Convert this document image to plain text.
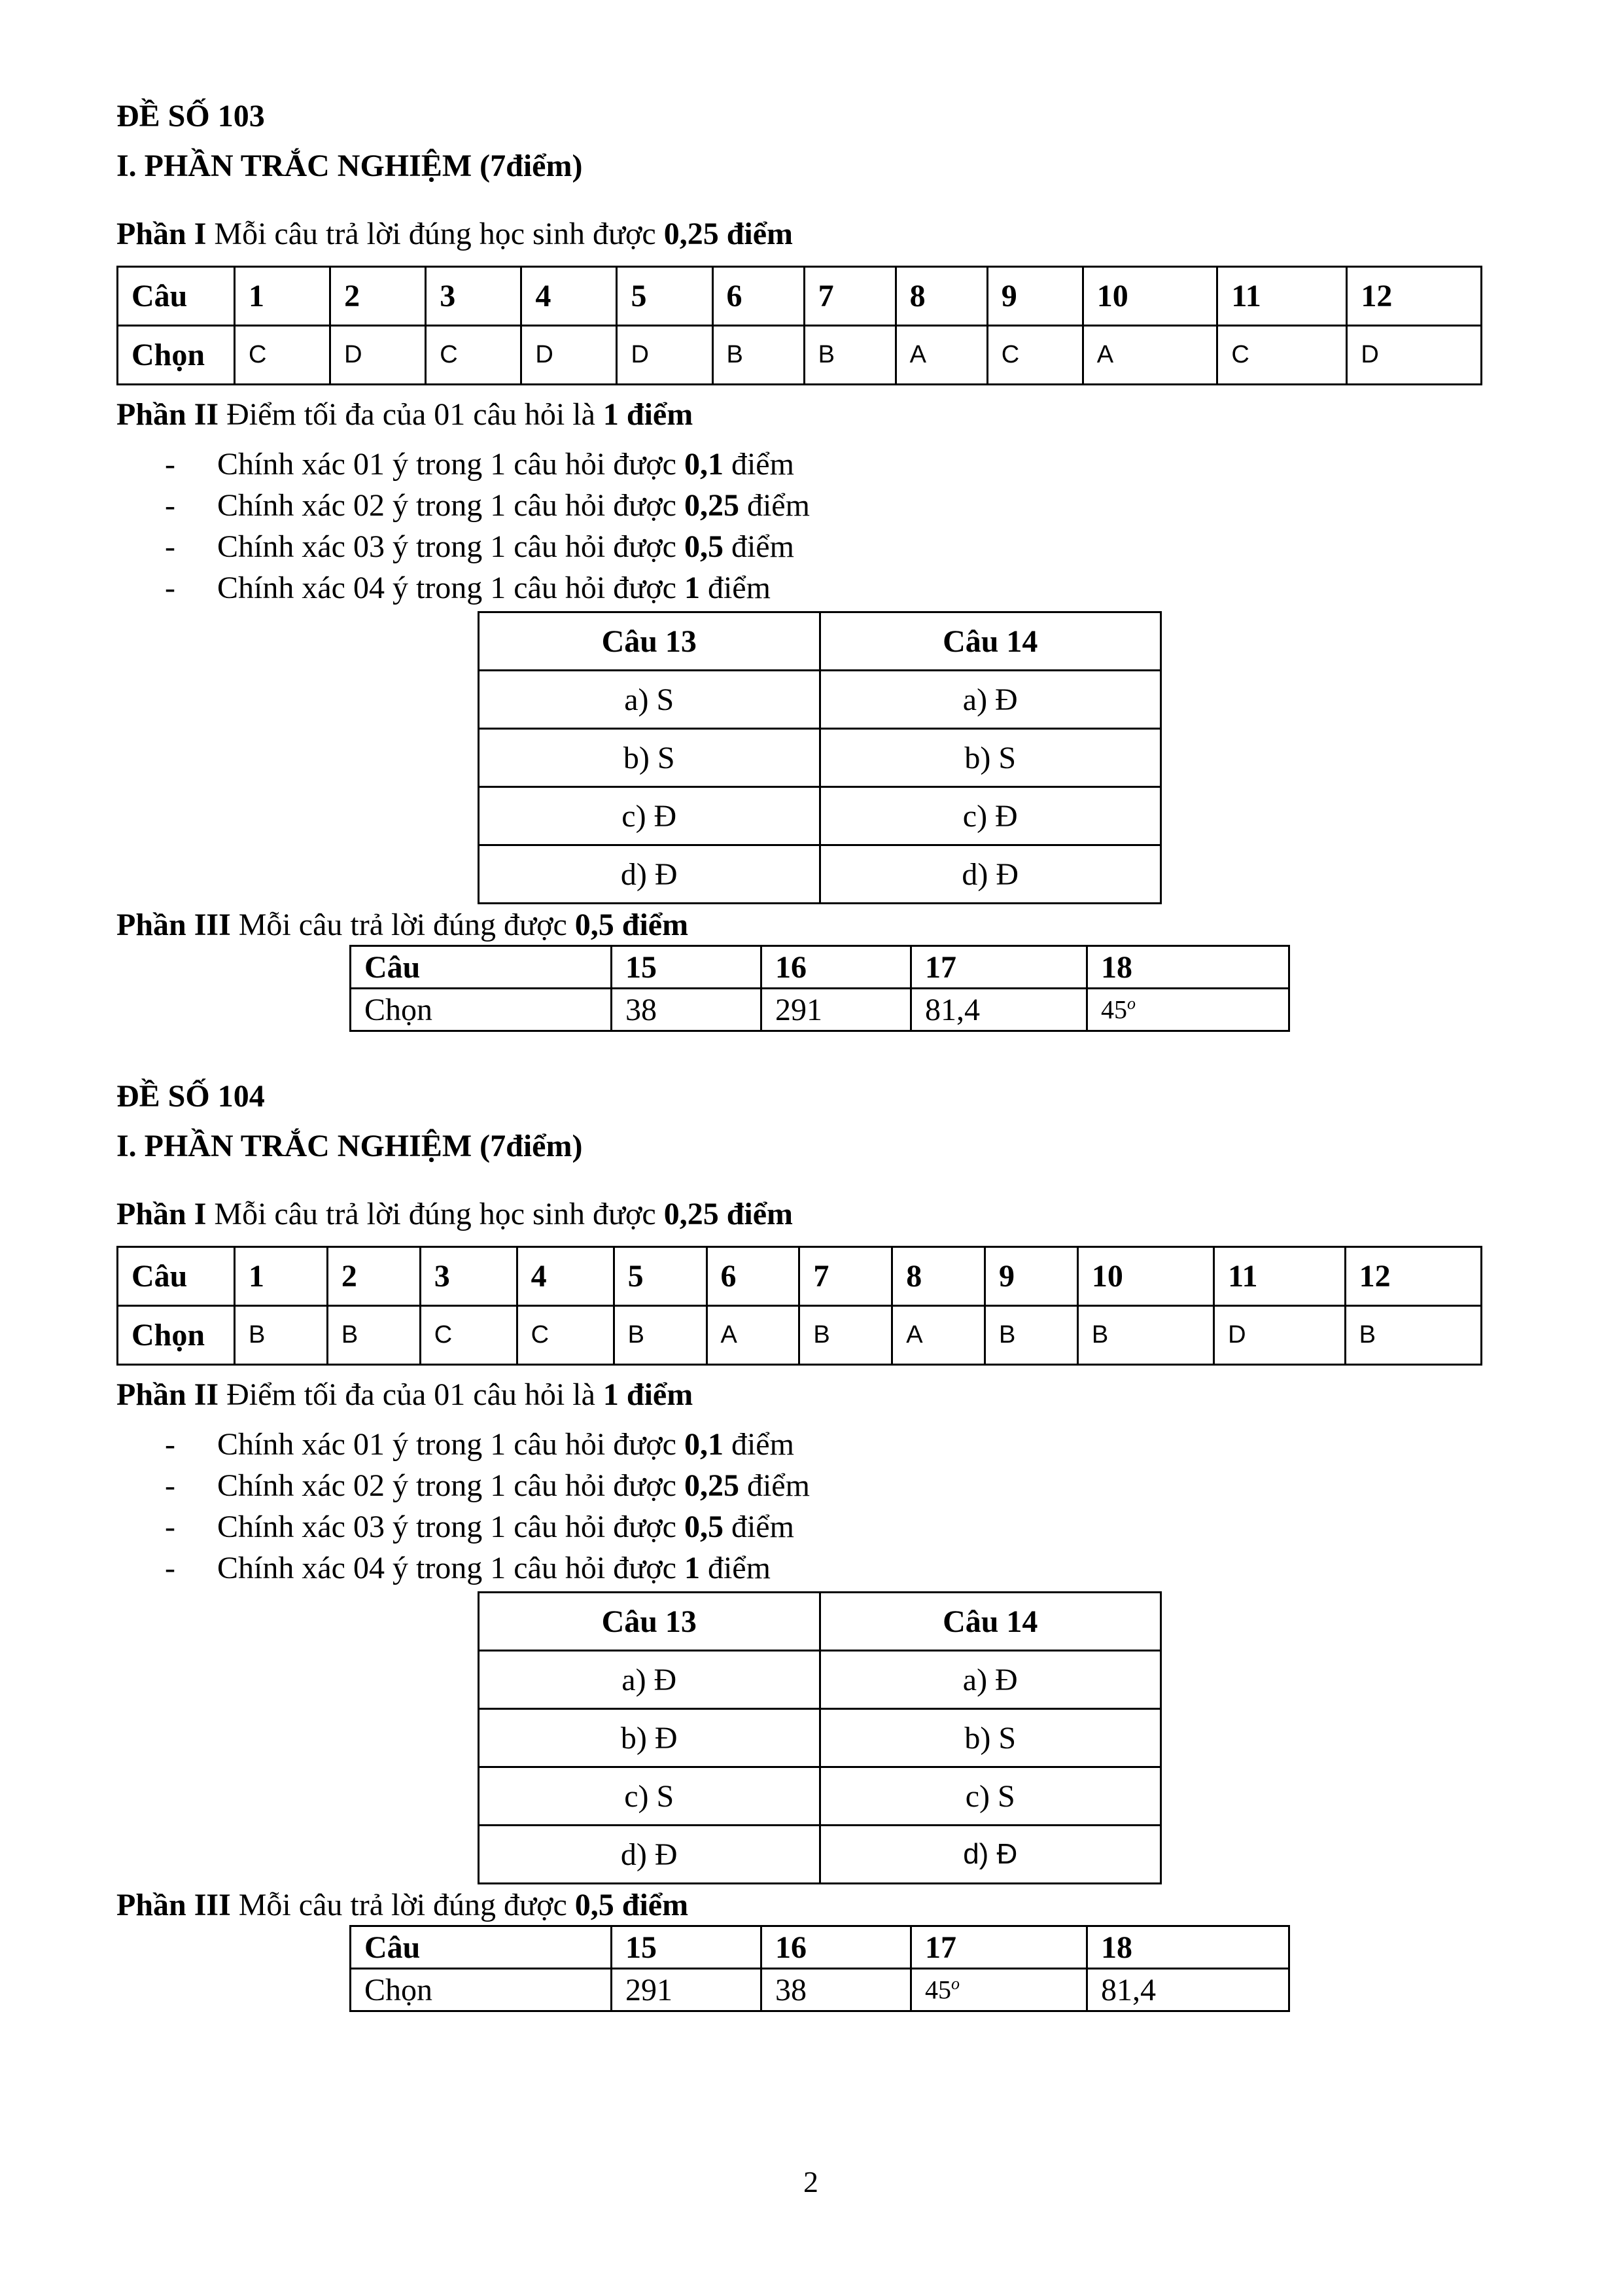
ĐỀ SỐ 103
I. PHẦN TRẮC NGHIỆM (7điểm)
Phần I Mỗi câu trả lời đúng học sinh được 0,25 điểm
Câu	1	2	3	4	5	6	7	8	9	10	11	12
Chọn	C	D	C	D	D	B	B	A	C	A	C	D
Phần II Điểm tối đa của 01 câu hỏi là 1 điểm
- Chính xác 01 ý trong 1 câu hỏi được 0,1 điểm
- Chính xác 02 ý trong 1 câu hỏi được 0,25 điểm
- Chính xác 03 ý trong 1 câu hỏi được 0,5 điểm
- Chính xác 04 ý trong 1 câu hỏi được 1 điểm
Câu 13	Câu 14
a) S	a) Đ
b) S	b) S
c) Đ	c) Đ
d) Đ	d) Đ
Phần III Mỗi câu trả lời đúng được 0,5 điểm
Câu	15	16	17	18
Chọn	38	291	81,4	45$^o$
ĐỀ SỐ 104
I. PHẦN TRẮC NGHIỆM (7điểm)
Phần I Mỗi câu trả lời đúng học sinh được 0,25 điểm
Câu	1	2	3	4	5	6	7	8	9	10	11	12
Chọn	B	B	C	C	B	A	B	A	B	B	D	B
Phần II Điểm tối đa của 01 câu hỏi là 1 điểm
- Chính xác 01 ý trong 1 câu hỏi được 0,1 điểm
- Chính xác 02 ý trong 1 câu hỏi được 0,25 điểm
- Chính xác 03 ý trong 1 câu hỏi được 0,5 điểm
- Chính xác 04 ý trong 1 câu hỏi được 1 điểm
Câu 13	Câu 14
a) Đ	a) Đ
b) Đ	b) S
c) S	c) S
d) Đ	d) Đ
Phần III Mỗi câu trả lời đúng được 0,5 điểm
Câu	15	16	17	18
Chọn	291	38	45$^o$	81,4
2
